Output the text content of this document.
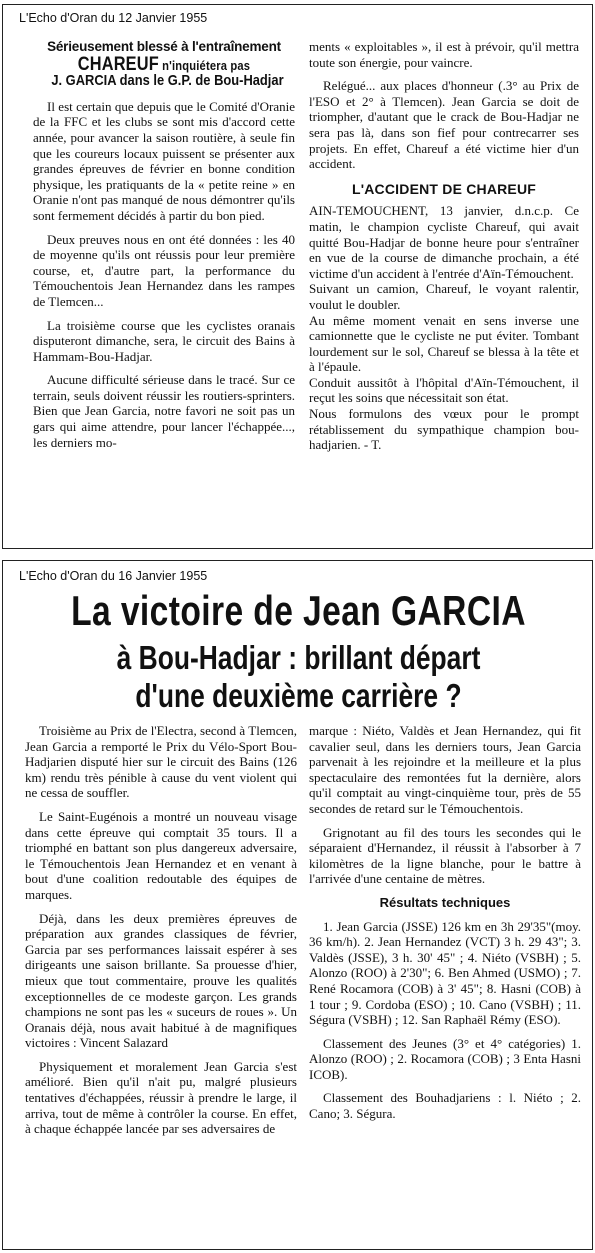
L'Echo d'Oran du 12 Janvier 1955
Sérieusement blessé à l'entraînement
CHAREUF n'inquiétera pas
J. GARCIA dans le G.P. de Bou-Hadjar

Il est certain que depuis que le Comité d'Oranie de la FFC et les clubs se sont mis d'accord cette année, pour avancer la saison routière, à seule fin que les coureurs locaux puissent se présenter aux grandes épreuves de février en bonne condition physique, les pratiquants de la « petite reine » en Oranie n'ont pas manqué de nous démontrer qu'ils sont fermement décidés à partir du bon pied.

Deux preuves nous en ont été données : les 40 de moyenne qu'ils ont réussis pour leur première course, et, d'autre part, la performance du Témouchentois Jean Hernandez dans les rampes de Tlemcen...

La troisième course que les cyclistes oranais disputeront dimanche, sera, le circuit des Bains à Hammam-Bou-Hadjar.

Aucune difficulté sérieuse dans le tracé. Sur ce terrain, seuls doivent réussir les routiers-sprinters. Bien que Jean Garcia, notre favori ne soit pas un gars qui aime attendre, pour lancer l'échappée..., les derniers mo-

ments « exploitables », il est à prévoir, qu'il mettra toute son énergie, pour vaincre.

Relégué... aux places d'honneur (.3° au Prix de l'ESO et 2° à Tlemcen). Jean Garcia se doit de triompher, d'autant que le crack de Bou-Hadjar ne sera pas là, dans son fief pour contrecarrer ses projets. En effet, Chareuf a été victime hier d'un accident.

L'ACCIDENT DE CHAREUF

AIN-TEMOUCHENT, 13 janvier, d.n.c.p. Ce matin, le champion cycliste Chareuf, qui avait quitté Bou-Hadjar de bonne heure pour s'entraîner en vue de la course de dimanche prochain, a été victime d'un accident à l'entrée d'Aïn-Témouchent.

Suivant un camion, Chareuf, le voyant ralentir, voulut le doubler.

Au même moment venait en sens inverse une camionnette que le cycliste ne put éviter. Tombant lourdement sur le sol, Chareuf se blessa à la tête et à l'épaule.

Conduit aussitôt à l'hôpital d'Aïn-Témouchent, il reçut les soins que nécessitait son état.

Nous formulons des vœux pour le prompt rétablissement du sympathique champion bou-hadjarien. - T.

L'Echo d'Oran du 16 Janvier 1955
La victoire de Jean GARCIA
à Bou-Hadjar : brillant départ
d'une deuxième carrière ?

Troisième au Prix de l'Electra, second à Tlemcen, Jean Garcia a remporté le Prix du Vélo-Sport Bou-Hadjarien disputé hier sur le circuit des Bains (126 km) rendu très pénible à cause du vent violent qui ne cessa de souffler.

Le Saint-Eugénois a montré un nouveau visage dans cette épreuve qui comptait 35 tours. Il a triomphé en battant son plus dangereux adversaire, le Témouchentois Jean Hernandez et en venant à bout d'une coalition redoutable des équipes de marques.

Déjà, dans les deux premières épreuves de préparation aux grandes classiques de février, Garcia par ses performances laissait espérer à ses dirigeants une saison brillante. Sa prouesse d'hier, mieux que tout commentaire, prouve les qualités exceptionnelles de ce modeste garçon. Les grands champions ne sont pas les « suceurs de roues ». Un Oranais déjà, nous avait habitué à de magnifiques victoires : Vincent Salazard

Physiquement et moralement Jean Garcia s'est amélioré. Bien qu'il n'ait pu, malgré plusieurs tentatives d'échappées, réussir à prendre le large, il arriva, tout de même à contrôler la course. En effet, à chaque échappée lancée par ses adversaires de

marque : Niéto, Valdès et Jean Hernandez, qui fit cavalier seul, dans les derniers tours, Jean Garcia parvenait à les rejoindre et la meilleure et la plus spectaculaire des remontées fut la dernière, alors qu'il comptait au vingt-cinquième tour, près de 55 secondes de retard sur le Témouchentois.

Grignotant au fil des tours les secondes qui le séparaient d'Hernandez, il réussit à l'absorber à 7 kilomètres de la ligne blanche, pour le battre à l'arrivée d'une centaine de mètres.

Résultats techniques

1. Jean Garcia (JSSE) 126 km en 3h 29'35"(moy. 36 km/h). 2. Jean Hernandez (VCT) 3 h. 29 43"; 3. Valdès (JSSE), 3 h. 30' 45" ; 4. Niéto (VSBH) ; 5. Alonzo (ROO) à 2'30"; 6. Ben Ahmed (USMO) ; 7. René Rocamora (COB) à 3' 45"; 8. Hasni (COB) à 1 tour ; 9. Cordoba (ESO) ; 10. Cano (VSBH) ; 11. Ségura (VSBH) ; 12. San Raphaël Rémy (ESO).

Classement des Jeunes (3° et 4° catégories) 1. Alonzo (ROO) ; 2. Rocamora (COB) ; 3 Enta Hasni ICOB).

Classement des Bouhadjariens : l. Niéto ; 2. Cano; 3. Ségura.
